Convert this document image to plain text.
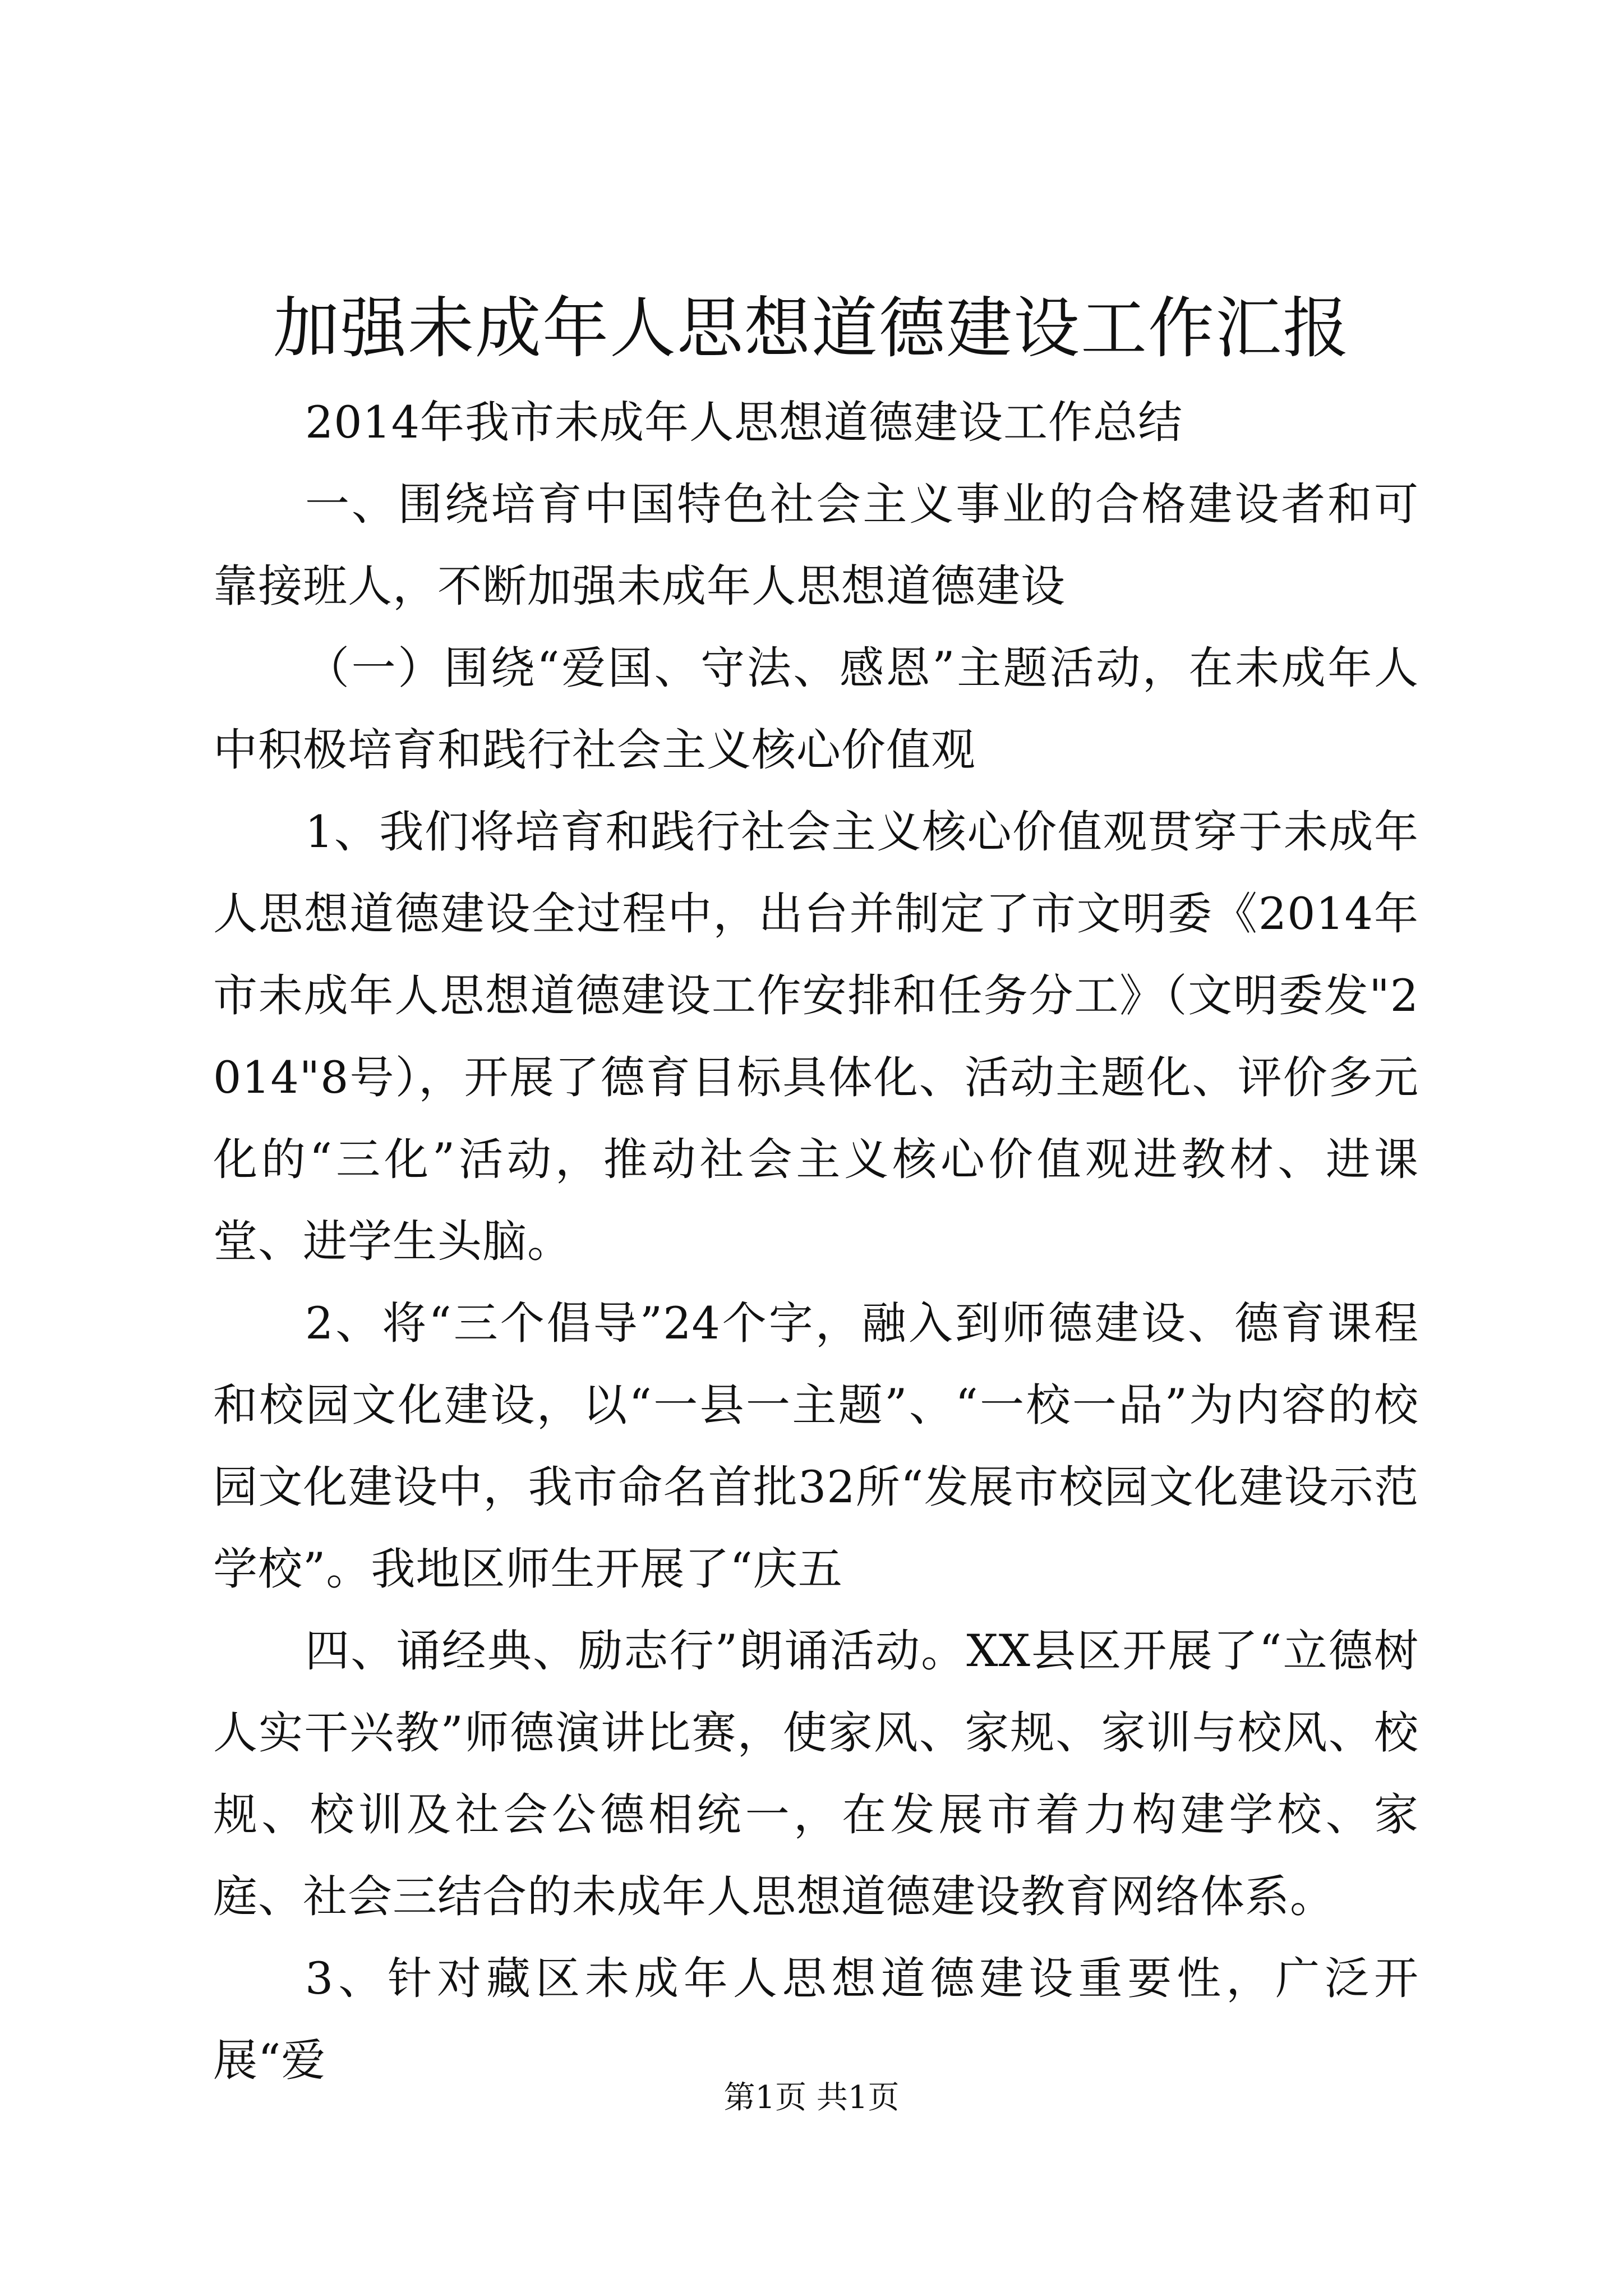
加强未成年人思想道德建设工作汇报

2014年我市未成年人思想道德建设工作总结

一、围绕培育中国特色社会主义事业的合格建设者和可靠接班人，不断加强未成年人思想道德建设

（一）围绕“爱国、守法、感恩”主题活动，在未成年人中积极培育和践行社会主义核心价值观

1、我们将培育和践行社会主义核心价值观贯穿于未成年人思想道德建设全过程中，出台并制定了市文明委《2014年市未成年人思想道德建设工作安排和任务分工》（文明委发"2014"8号），开展了德育目标具体化、活动主题化、评价多元化的“三化”活动，推动社会主义核心价值观进教材、进课堂、进学生头脑。

2、将“三个倡导”24个字，融入到师德建设、德育课程和校园文化建设，以“一县一主题”、“一校一品”为内容的校园文化建设中，我市命名首批32所“发展市校园文化建设示范学校”。我地区师生开展了“庆五

四、诵经典、励志行”朗诵活动。XX县区开展了“立德树人实干兴教”师德演讲比赛，使家风、家规、家训与校风、校规、校训及社会公德相统一，在发展市着力构建学校、家庭、社会三结合的未成年人思想道德建设教育网络体系。

3、针对藏区未成年人思想道德建设重要性，广泛开展“爱

第1页 共1页
